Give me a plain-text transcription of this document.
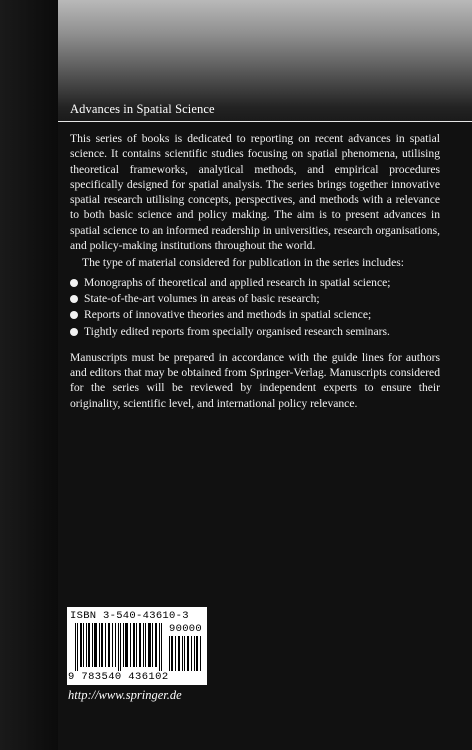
Advances in Spatial Science

This series of books is dedicated to reporting on recent advances in spatial science. It contains scientific studies focusing on spatial phenomena, utilising theoretical frameworks, analytical methods, and empirical procedures specifically designed for spatial analysis. The series brings together innovative spatial research utilising concepts, perspectives, and methods with a relevance to both basic science and policy making. The aim is to present advances in spatial science to an informed readership in universities, research organisations, and policy-making institutions throughout the world.

The type of material considered for publication in the series includes:

Monographs of theoretical and applied research in spatial science;
State-of-the-art volumes in areas of basic research;
Reports of innovative theories and methods in spatial science;
Tightly edited reports from specially organised research seminars.

Manuscripts must be prepared in accordance with the guide lines for authors and editors that may be obtained from Springer-Verlag. Manuscripts considered for the series will be reviewed by independent experts to ensure their originality, scientific level, and international policy relevance.

ISBN 3-540-43610-3
90000
9 783540 436102
http://www.springer.de
